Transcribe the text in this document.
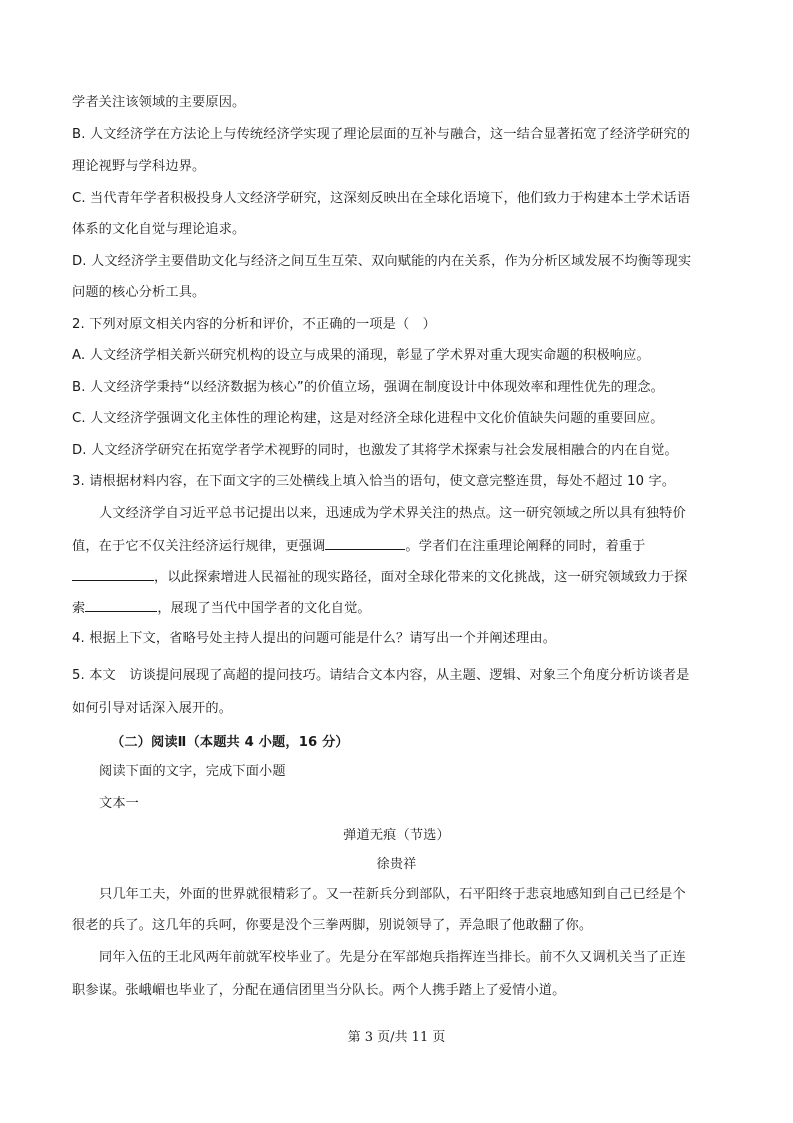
学者关注该领域的主要原因。
B. 人文经济学在方法论上与传统经济学实现了理论层面的互补与融合，这一结合显著拓宽了经济学研究的
理论视野与学科边界。
C. 当代青年学者积极投身人文经济学研究，这深刻反映出在全球化语境下，他们致力于构建本土学术话语
体系的文化自觉与理论追求。
D. 人文经济学主要借助文化与经济之间互生互荣、双向赋能的内在关系，作为分析区域发展不均衡等现实
问题的核心分析工具。
2. 下列对原文相关内容的分析和评价，不正确的一项是（　）
A. 人文经济学相关新兴研究机构的设立与成果的涌现，彰显了学术界对重大现实命题的积极响应。
B. 人文经济学秉持“以经济数据为核心”的价值立场，强调在制度设计中体现效率和理性优先的理念。
C. 人文经济学强调文化主体性的理论构建，这是对经济全球化进程中文化价值缺失问题的重要回应。
D. 人文经济学研究在拓宽学者学术视野的同时，也激发了其将学术探索与社会发展相融合的内在自觉。
3. 请根据材料内容，在下面文字的三处横线上填入恰当的语句，使文意完整连贯，每处不超过 10 字。
人文经济学自习近平总书记提出以来，迅速成为学术界关注的热点。这一研究领域之所以具有独特价
值，在于它不仅关注经济运行规律，更强调	。学者们在注重理论阐释的同时，着重于
，以此探索增进人民福祉的现实路径，面对全球化带来的文化挑战，这一研究领域致力于探
索	，展现了当代中国学者的文化自觉。
4. 根据上下文，省略号处主持人提出的问题可能是什么？请写出一个并阐述理由。
5. 本文　访谈提问展现了高超的提问技巧。请结合文本内容，从主题、逻辑、对象三个角度分析访谈者是
如何引导对话深入展开的。
（二）阅读Ⅱ（本题共 4 小题，16 分）
阅读下面的文字，完成下面小题
文本一
弹道无痕（节选）
徐贵祥
只几年工夫，外面的世界就很精彩了。又一茬新兵分到部队，石平阳终于悲哀地感知到自己已经是个
很老的兵了。这几年的兵呵，你要是没个三拳两脚，别说领导了，弄急眼了他敢翻了你。
同年入伍的王北风两年前就军校毕业了。先是分在军部炮兵指挥连当排长。前不久又调机关当了正连
职参谋。张峨嵋也毕业了，分配在通信团里当分队长。两个人携手踏上了爱情小道。
第 3 页/共 11 页
